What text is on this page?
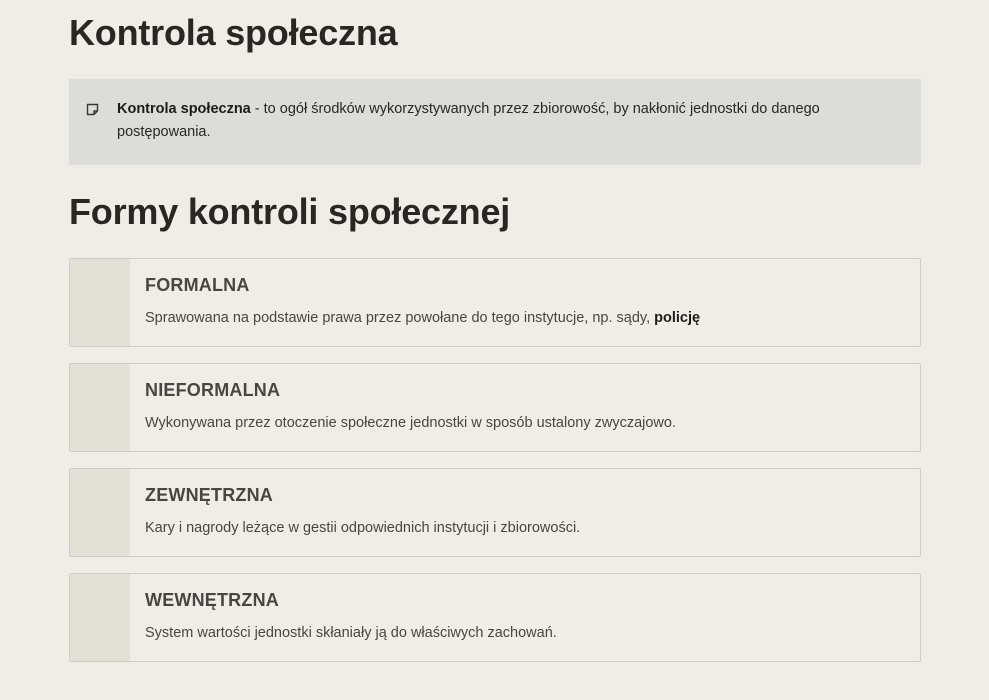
Kontrola społeczna

Kontrola społeczna - to ogół środków wykorzystywanych przez zbiorowość, by nakłonić jednostki do danego postępowania.

Formy kontroli społecznej
FORMALNA
Sprawowana na podstawie prawa przez powołane do tego instytucje, np. sądy, policję
NIEFORMALNA
Wykonywana przez otoczenie społeczne jednostki w sposób ustalony zwyczajowo.
ZEWNĘTRZNA
Kary i nagrody leżące w gestii odpowiednich instytucji i zbiorowości.
WEWNĘTRZNA
System wartości jednostki skłaniały ją do właściwych zachowań.
